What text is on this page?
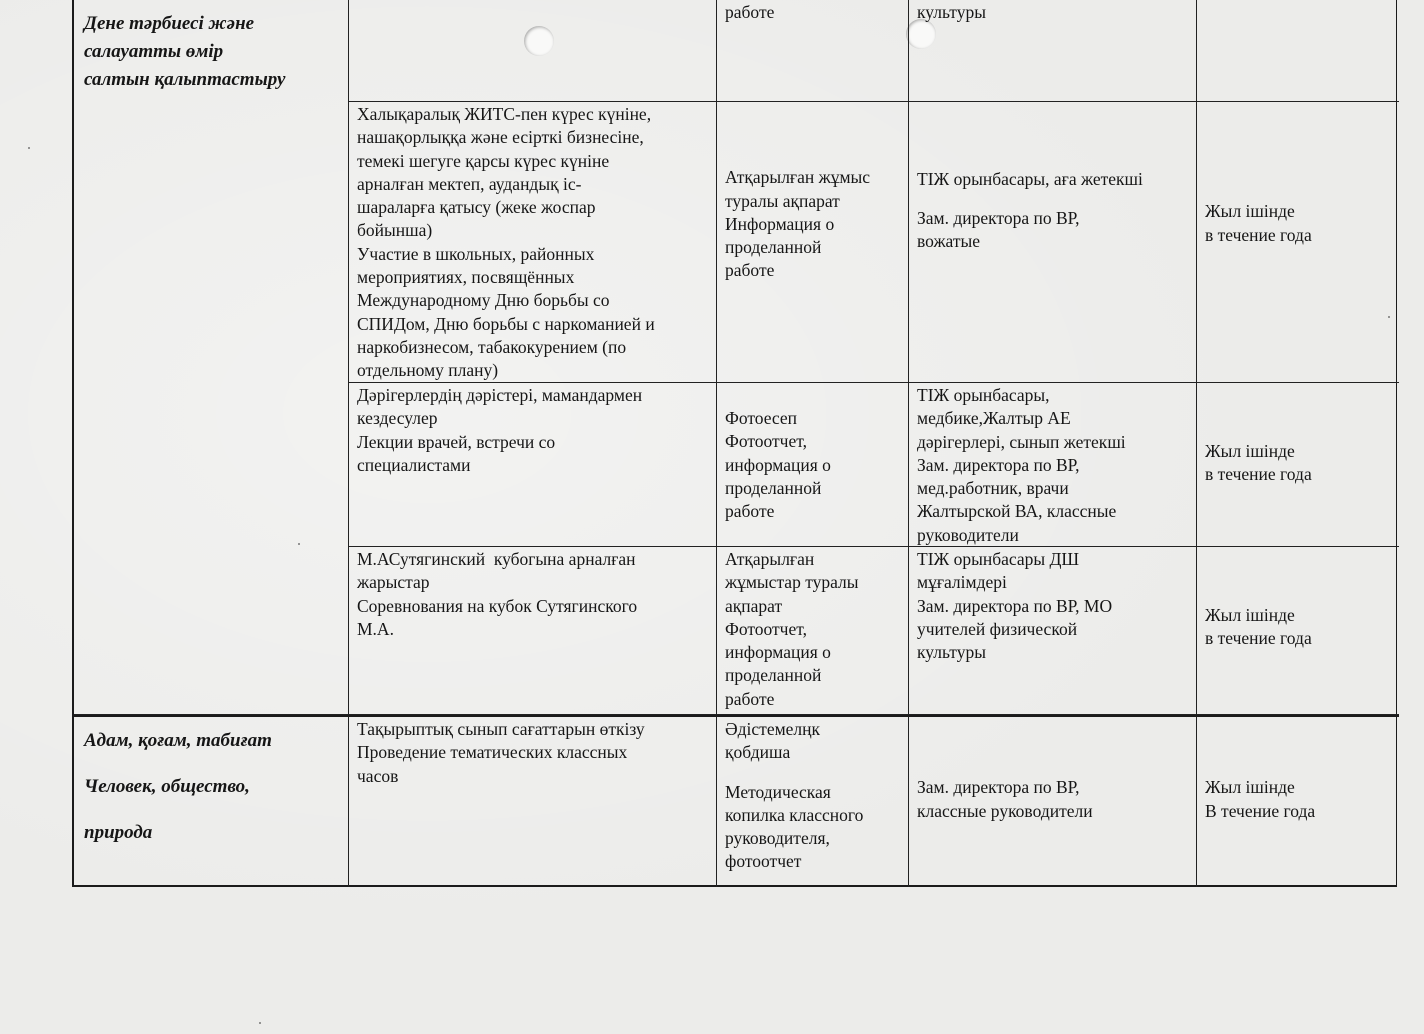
Дене тәрбиесі және
салауатты өмір
салтын қалыптастыру
работе	культуры
Халықаралық ЖИТС-пен күрес күніне,
нашақорлыққа және есірткі бизнесіне,
темекі шегуге қарсы күрес күніне
арналған мектеп, аудандық іс-
шараларға қатысу (жеке жоспар
бойынша)
Участие в школьных, районных
мероприятиях, посвящённых
Международному Дню борьбы со
СПИДом, Дню борьбы с наркоманией и
наркобизнесом, табакокурением (по
отдельному плану)
Атқарылған жұмыс
туралы ақпарат
Информация о
проделанной
работе
ТІЖ орынбасары, аға жетекші
Зам. директора по ВР,
вожатые
Жыл ішінде
в течение года
Дәрігерлердің дәрістері, мамандармен
кездесулер
Лекции врачей, встречи со
специалистами
Фотоесеп
Фотоотчет,
информация о
проделанной
работе
ТІЖ орынбасары,
медбике,Жалтыр АЕ
дәрігерлері, сынып жетекші
Зам. директора по ВР,
мед.работник, врачи
Жалтырской ВА, классные
руководители
Жыл ішінде
в течение года
М.АСутягинский  кубогына арналған
жарыстар
Соревнования на кубок Сутягинского
М.А.
Атқарылған
жұмыстар туралы
ақпарат
Фотоотчет,
информация о
проделанной
работе
ТІЖ орынбасары ДШ
мұғалімдері
Зам. директора по ВР, МО
учителей физической
культуры
Жыл ішінде
в течение года
Адам, қоғам, табиғат
Человек, общество,
природа
Тақырыптық сынып сағаттарын өткізу
Проведение тематических классных
часов
Әдістемелңк
қобдиша
Методическая
копилка классного
руководителя,
фотоотчет
Зам. директора по ВР,
классные руководители
Жыл ішінде
В течение года
